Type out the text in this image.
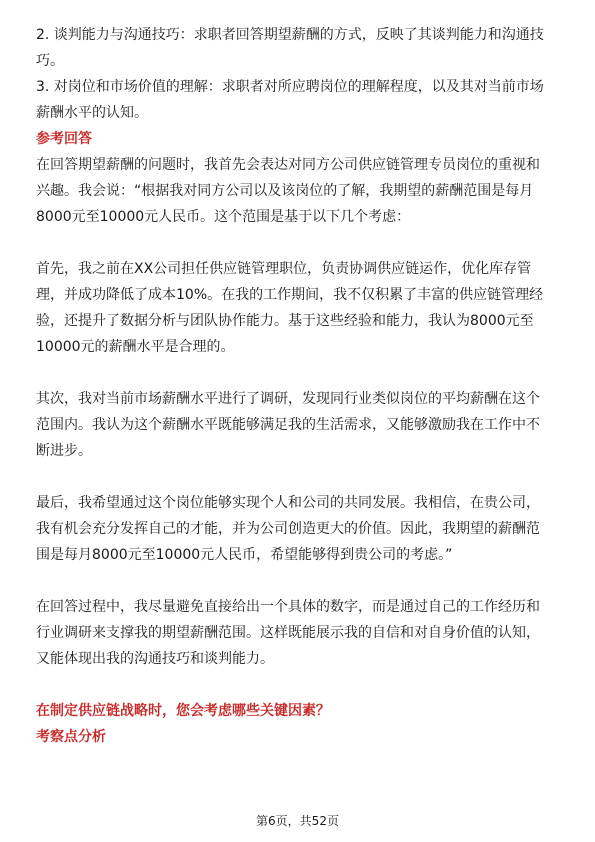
2. 谈判能力与沟通技巧：求职者回答期望薪酬的方式，反映了其谈判能力和沟通技

巧。

3. 对岗位和市场价值的理解：求职者对所应聘岗位的理解程度，以及其对当前市场

薪酬水平的认知。

参考回答

在回答期望薪酬的问题时，我首先会表达对同方公司供应链管理专员岗位的重视和

兴趣。我会说：“根据我对同方公司以及该岗位的了解，我期望的薪酬范围是每月

8000元至10000元人民币。这个范围是基于以下几个考虑：

首先，我之前在XX公司担任供应链管理职位，负责协调供应链运作，优化库存管

理，并成功降低了成本10%。在我的工作期间，我不仅积累了丰富的供应链管理经

验，还提升了数据分析与团队协作能力。基于这些经验和能力，我认为8000元至

10000元的薪酬水平是合理的。

其次，我对当前市场薪酬水平进行了调研，发现同行业类似岗位的平均薪酬在这个

范围内。我认为这个薪酬水平既能够满足我的生活需求，又能够激励我在工作中不

断进步。

最后，我希望通过这个岗位能够实现个人和公司的共同发展。我相信，在贵公司，

我有机会充分发挥自己的才能，并为公司创造更大的价值。因此，我期望的薪酬范

围是每月8000元至10000元人民币，希望能够得到贵公司的考虑。”

在回答过程中，我尽量避免直接给出一个具体的数字，而是通过自己的工作经历和

行业调研来支撑我的期望薪酬范围。这样既能展示我的自信和对自身价值的认知，

又能体现出我的沟通技巧和谈判能力。

在制定供应链战略时，您会考虑哪些关键因素？

考察点分析

第6页，共52页
